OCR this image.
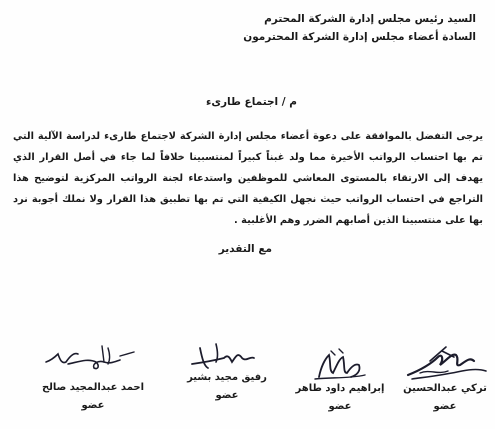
السيد رئيس مجلس إدارة الشركة المحترم
السادة أعضاء مجلس إدارة الشركة المحترمون
م / اجتماع طارىء
يرجى التفضل بالموافقة على دعوة أعضاء مجلس إدارة الشركة لاجتماع طارىء لدراسة الآلية التي تم بها احتساب الرواتب الأخيرة مما ولد غبناً كبيراً لمنتسبينا خلافاً لما جاء في أصل القرار الذي يهدف إلى الارتقاء بالمستوى المعاشي للموظفين واستدعاء لجنة الرواتب المركزية لتوضيح هذا التراجع في احتساب الرواتب حيث نجهل الكيفية التي تم بها تطبيق هذا القرار ولا نملك أجوبة نرد بها على منتسبينا الذين أصابهم الضرر وهم الأغلبية .
مع التقدير
تركي عبدالحسين
عضو
إبراهيم داود طاهر
عضو
رفيق مجيد بشير
عضو
احمد عبدالمجيد صالح
عضو
